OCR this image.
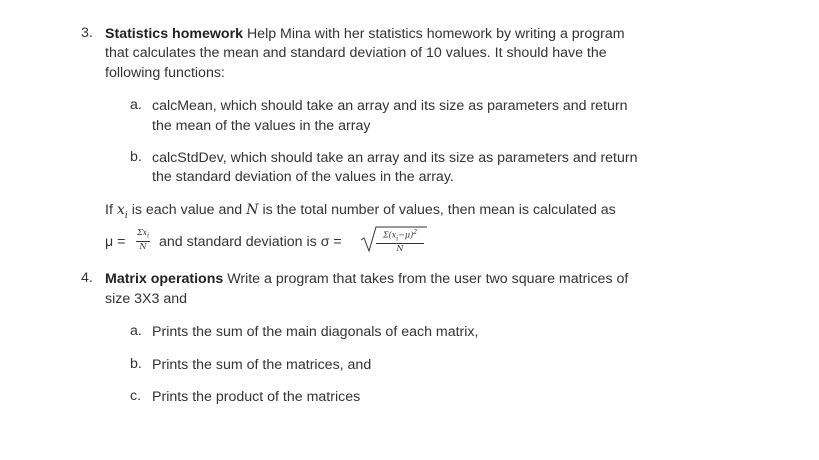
3. Statistics homework Help Mina with her statistics homework by writing a program
that calculates the mean and standard deviation of 10 values. It should have the
following functions:
a. calcMean, which should take an array and its size as parameters and return
the mean of the values in the array
b. calcStdDev, which should take an array and its size as parameters and return
the standard deviation of the values in the array.
If $x_i$ is each value and N is the total number of values, then mean is calculated as
μ =
$\Sigma x_i$
N and standard deviation is σ =	$\Sigma(x_i-\mu)^2$
N
4. Matrix operations Write a program that takes from the user two square matrices of
size 3X3 and
a. Prints the sum of the main diagonals of each matrix,
b. Prints the sum of the matrices, and
c. Prints the product of the matrices
